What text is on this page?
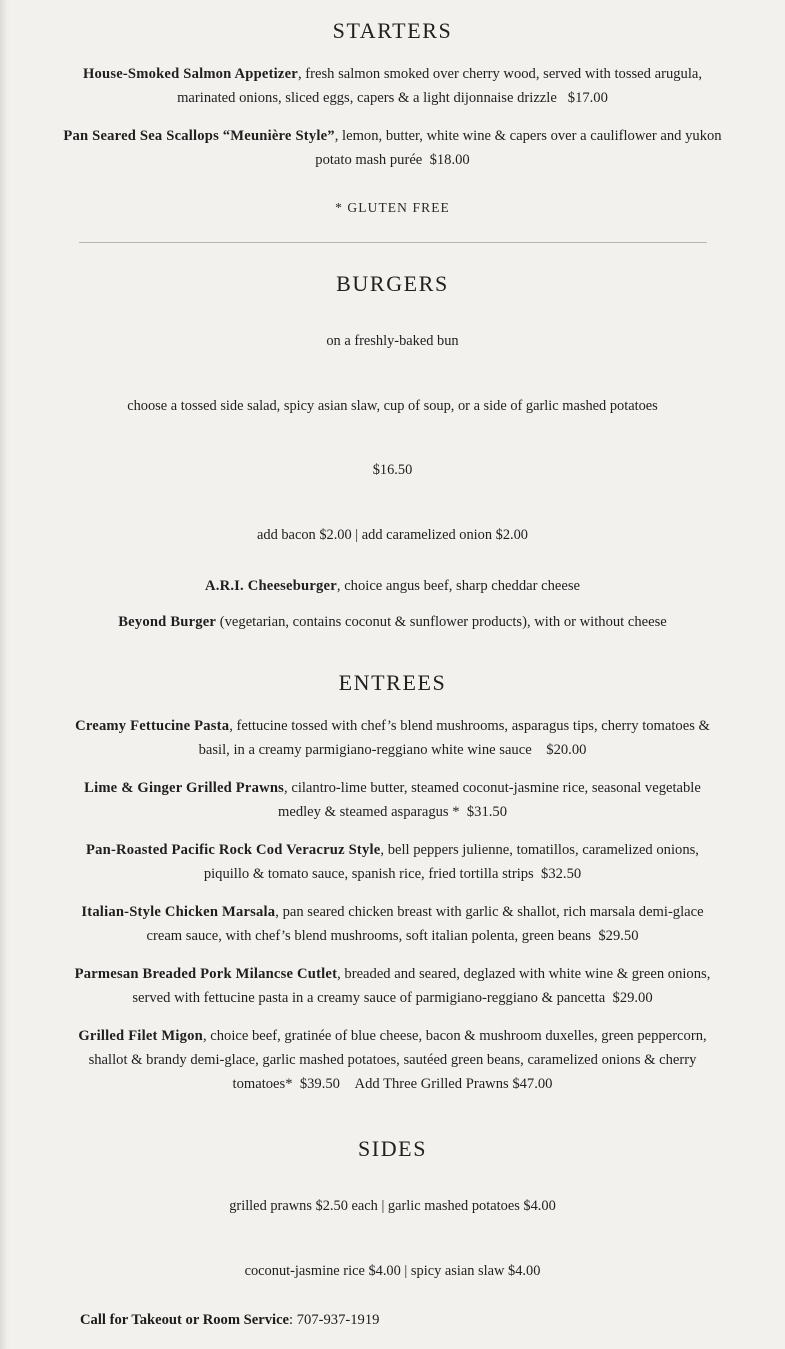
STARTERS

House-Smoked Salmon Appetizer, fresh salmon smoked over cherry wood, served with tossed arugula, marinated onions, sliced eggs, capers & a light dijonnaise drizzle $17.00

Pan Seared Sea Scallops “Meunière Style”, lemon, butter, white wine & capers over a cauliflower and yukon potato mash purée $18.00

* GLUTEN FREE

BURGERS

on a freshly-baked bun

choose a tossed side salad, spicy asian slaw, cup of soup, or a side of garlic mashed potatoes

$16.50

add bacon $2.00 | add caramelized onion $2.00

A.R.I. Cheeseburger, choice angus beef, sharp cheddar cheese

Beyond Burger (vegetarian, contains coconut & sunflower products), with or without cheese

ENTREES

Creamy Fettucine Pasta, fettucine tossed with chef’s blend mushrooms, asparagus tips, cherry tomatoes & basil, in a creamy parmigiano-reggiano white wine sauce $20.00

Lime & Ginger Grilled Prawns, cilantro-lime butter, steamed coconut-jasmine rice, seasonal vegetable medley & steamed asparagus * $31.50

Pan-Roasted Pacific Rock Cod Veracruz Style, bell peppers julienne, tomatillos, caramelized onions, piquillo & tomato sauce, spanish rice, fried tortilla strips $32.50

Italian-Style Chicken Marsala, pan seared chicken breast with garlic & shallot, rich marsala demi-glace cream sauce, with chef’s blend mushrooms, soft italian polenta, green beans $29.50

Parmesan Breaded Pork Milancse Cutlet, breaded and seared, deglazed with white wine & green onions, served with fettucine pasta in a creamy sauce of parmigiano-reggiano & pancetta $29.00

Grilled Filet Migon, choice beef, gratinée of blue cheese, bacon & mushroom duxelles, green peppercorn, shallot & brandy demi-glace, garlic mashed potatoes, sautéed green beans, caramelized onions & cherry tomatoes* $39.50 Add Three Grilled Prawns $47.00

SIDES

grilled prawns $2.50 each | garlic mashed potatoes $4.00

coconut-jasmine rice $4.00 | spicy asian slaw $4.00

Call for Takeout or Room Service: 707-937-1919
